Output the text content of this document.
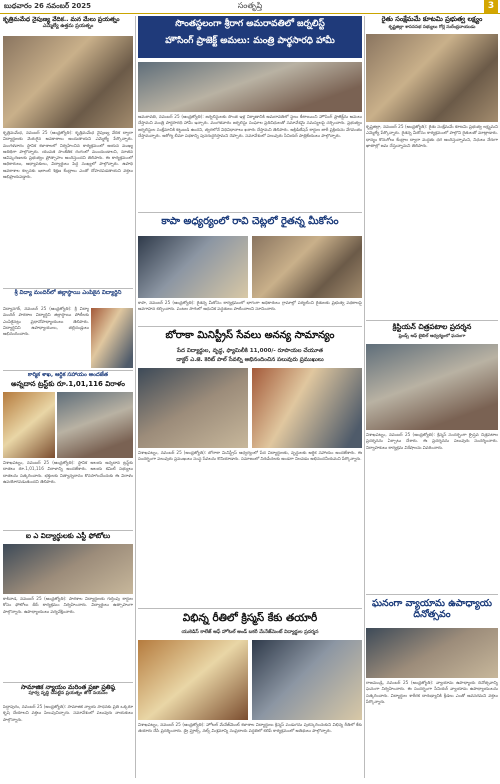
బుధవారం 26 నవంబర్ 2025	సంతృప్తి	3
కృత్రిమమేధ నైపుణ్య వేదిక.. మన మేలు ప్రయత్నం
ఎమ్మెల్యే ఉత్తమ ప్రయత్నం
కృత్రిమమేధ, నవంబర్ 25 (ఆంధ్రజ్యోతి): కృత్రిమమేధ నైపుణ్య వేదిక ద్వారా విద్యార్థులకు మెరుగైన అవకాశాలు అందుతాయని ఎమ్మెల్యే పేర్కొన్నారు. మంగళవారం స్థానిక కళాశాలలో నిర్వహించిన కార్యక్రమంలో ఆయన ముఖ్య అతిథిగా పాల్గొన్నారు. యువత సాంకేతిక రంగంలో ముందుండాలని, నూతన ఆవిష్కరణలకు ప్రభుత్వం ప్రోత్సాహం అందిస్తుందని తెలిపారు. ఈ కార్యక్రమంలో అధికారులు, అధ్యాపకులు, విద్యార్థులు పెద్ద సంఖ్యలో పాల్గొన్నారు. ఉపాధి అవకాశాల కల్పనకు ఇలాంటి శిక్షణ కేంద్రాలు ఎంతో దోహదపడతాయని వక్తలు అభిప్రాయపడ్డారు.
శ్రీ విద్యా మందిర్‌లో జిల్లాస్థాయి ఎంపికైన విద్యార్థిని
విద్యానగర్, నవంబర్ 25 (ఆంధ్రజ్యోతి): శ్రీ విద్యా మందిర్ పాఠశాల విద్యార్థిని జిల్లాస్థాయి పోటీలకు ఎంపికైనట్లు ప్రధానోపాధ్యాయులు తెలిపారు. విద్యార్థినిని ఉపాధ్యాయులు, తల్లిదండ్రులు అభినందించారు.
కార్మిక శాఖ, ఆర్థిక సహాయం అందజేత
అన్నదాన ట్రస్ట్‌కు రూ.1,01,116 విరాళం
విశాఖపట్నం, నవంబర్ 25 (ఆంధ్రజ్యోతి): స్థానిక ఆలయ అన్నదాన ట్రస్ట్‌కు దాతలు రూ.1,01,116 విరాళాన్ని అందజేశారు. ఆలయ కమిటీ సభ్యులు దాతలను సత్కరించారు. భక్తులకు నిత్యాన్నదానం కొనసాగించేందుకు ఈ విరాళం ఉపయోగపడుతుందని తెలిపారు.
ఐ ఎ విద్యార్థులకు ఎస్టీ ఫోటోలు
కాకినాడ, నవంబర్ 25 (ఆంధ్రజ్యోతి): పాఠశాల విద్యార్థులకు గుర్తింపు కార్డుల కోసం ఫోటోలు తీసే కార్యక్రమం నిర్వహించారు. విద్యార్థులు ఉత్సాహంగా పాల్గొన్నారు. ఉపాధ్యాయులు పర్యవేక్షించారు.
సామాజిక న్యాయం మరింత ప్రజా ప్రతిష్ఠ
పూర్వ వృద్ధి చేపట్టిన ప్రయత్నం జోరే నయనం
పెద్దాపురం, నవంబర్ 25 (ఆంధ్రజ్యోతి): సామాజిక న్యాయ సాధనకు ప్రతి ఒక్కరూ కృషి చేయాలని వక్తలు పిలుపునిచ్చారు. సమావేశంలో పలువురు నాయకులు పాల్గొన్నారు.
సొంతస్థలంగా శ్రీరాగ అమరావతిలో జర్నలిస్ట్
హౌసింగ్ ప్రాజెక్ట్ అమలు: మంత్రి పార్థసారధి హామీ
అమరావతి, నవంబర్ 25 (ఆంధ్రజ్యోతి): జర్నలిస్టులకు సొంత ఇళ్ల నిర్మాణానికి అమరావతిలో స్థలం కేటాయించి హౌసింగ్ ప్రాజెక్ట్‌ను అమలు చేస్తామని మంత్రి పార్థసారధి హామీ ఇచ్చారు. మంగళవారం జర్నలిస్టు సంఘాల ప్రతినిధులతో సమావేశమై సమస్యలపై చర్చించారు. ప్రభుత్వం జర్నలిస్టుల సంక్షేమానికి కట్టుబడి ఉందని, త్వరలోనే విధివిధానాలు ఖరారు చేస్తామని తెలిపారు. అక్రిడిటేషన్ కార్డుల జారీ ప్రక్రియను వేగవంతం చేస్తామన్నారు. ఆరోగ్య బీమా పథకాన్ని పునరుద్ధరిస్తామని చెప్పారు. సమావేశంలో పలువురు సీనియర్ పాత్రికేయులు పాల్గొన్నారు.
కాపా అధ్యర్యంలో రావి చెట్లలో రైతన్న మీకోసం
కాపా, నవంబర్ 25 (ఆంధ్రజ్యోతి): రైతన్న మీకోసం కార్యక్రమంలో భాగంగా అధికారులు గ్రామాల్లో పర్యటించి రైతులకు ప్రభుత్వ పథకాలపై అవగాహన కల్పించారు. పంటల సాగులో ఆధునిక పద్ధతులు పాటించాలని సూచించారు.
బోరాకా మినిస్ట్రీస్ సేవలు అనన్య సామాన్యం
పేద విద్యార్థుల, వృద్ధ, ఫ్యామిలీకి 11,000/- రూపాయల చేయూత
డాక్టర్ ఎ.జె. కెరిట్ పాల్ సేవల్ని అభినందించిన పలువురు ప్రముఖులు
విశాఖపట్నం, నవంబర్ 25 (ఆంధ్రజ్యోతి): బోరాకా మినిస్ట్రీస్ ఆధ్వర్యంలో పేద విద్యార్థులకు, వృద్ధులకు ఆర్థిక సహాయం అందజేశారు. ఈ సందర్భంగా పలువురు ప్రముఖులు సంస్థ సేవలను కొనియాడారు. సమాజంలో నిరుపేదలకు అండగా నిలవడం అభినందనీయమని పేర్కొన్నారు.
విభిన్న రీతిలో క్రిస్మస్ కేకు తయారీ
యుకెడిస్ కాలేజ్ ఆఫ్ హోటల్ అండ్ బకరీ మేనేజ్‌మెంట్ విద్యార్థుల ప్రదర్శన
విశాఖపట్నం, నవంబర్ 25 (ఆంధ్రజ్యోతి): హోటల్ మేనేజ్‌మెంట్ కళాశాల విద్యార్థులు క్రిస్మస్ పండుగను పురస్కరించుకుని విభిన్న రీతిలో కేకు తయారు చేసి ప్రదర్శించారు. డ్రై ఫ్రూట్స్, నట్స్ మిశ్రమాన్ని సంప్రదాయ పద్ధతిలో కలిపే కార్యక్రమంలో అతిథులు పాల్గొన్నారు.
రైతు సంక్షేమమే కూటమి ప్రభుత్వ లక్ష్యం
కృష్ణజిల్లా శాసనసభ సభ్యులు గోర్ల సురేంద్రనాయుడు
కృష్ణజిల్లా, నవంబర్ 25 (ఆంధ్రజ్యోతి): రైతు సంక్షేమమే కూటమి ప్రభుత్వ లక్ష్యమని ఎమ్మెల్యే పేర్కొన్నారు. రైతన్న మీకోసం కార్యక్రమంలో పాల్గొని రైతులతో మాట్లాడారు. ధాన్యం కొనుగోలు కేంద్రాల ద్వారా మద్దతు ధర అందిస్తున్నామని, నిధులు నేరుగా ఖాతాల్లో జమ చేస్తున్నామని తెలిపారు.
క్రిస్టియన్ చిత్రపటాల ప్రదర్శన
ఫ్రెండ్స్ ఆఫ్ బైబిల్ ఆధ్వర్యంలో ఘనంగా
విశాఖపట్నం, నవంబర్ 25 (ఆంధ్రజ్యోతి): క్రిస్మస్ సందర్భంగా క్రైస్తవ చిత్రపటాల ప్రదర్శనను ఏర్పాటు చేశారు. ఈ ప్రదర్శనను పలువురు సందర్శించారు. నిర్వాహకులు కార్యక్రమ విశేషాలను వివరించారు.
ఘనంగా వ్యాయామ ఉపాధ్యాయ దినోత్సవం
రాజమండ్రి, నవంబర్ 25 (ఆంధ్రజ్యోతి): వ్యాయామ ఉపాధ్యాయ దినోత్సవాన్ని ఘనంగా నిర్వహించారు. ఈ సందర్భంగా సీనియర్ వ్యాయామ ఉపాధ్యాయులను సత్కరించారు. విద్యార్థుల శారీరక దారుఢ్యానికి క్రీడలు ఎంతో అవసరమని వక్తలు పేర్కొన్నారు.
